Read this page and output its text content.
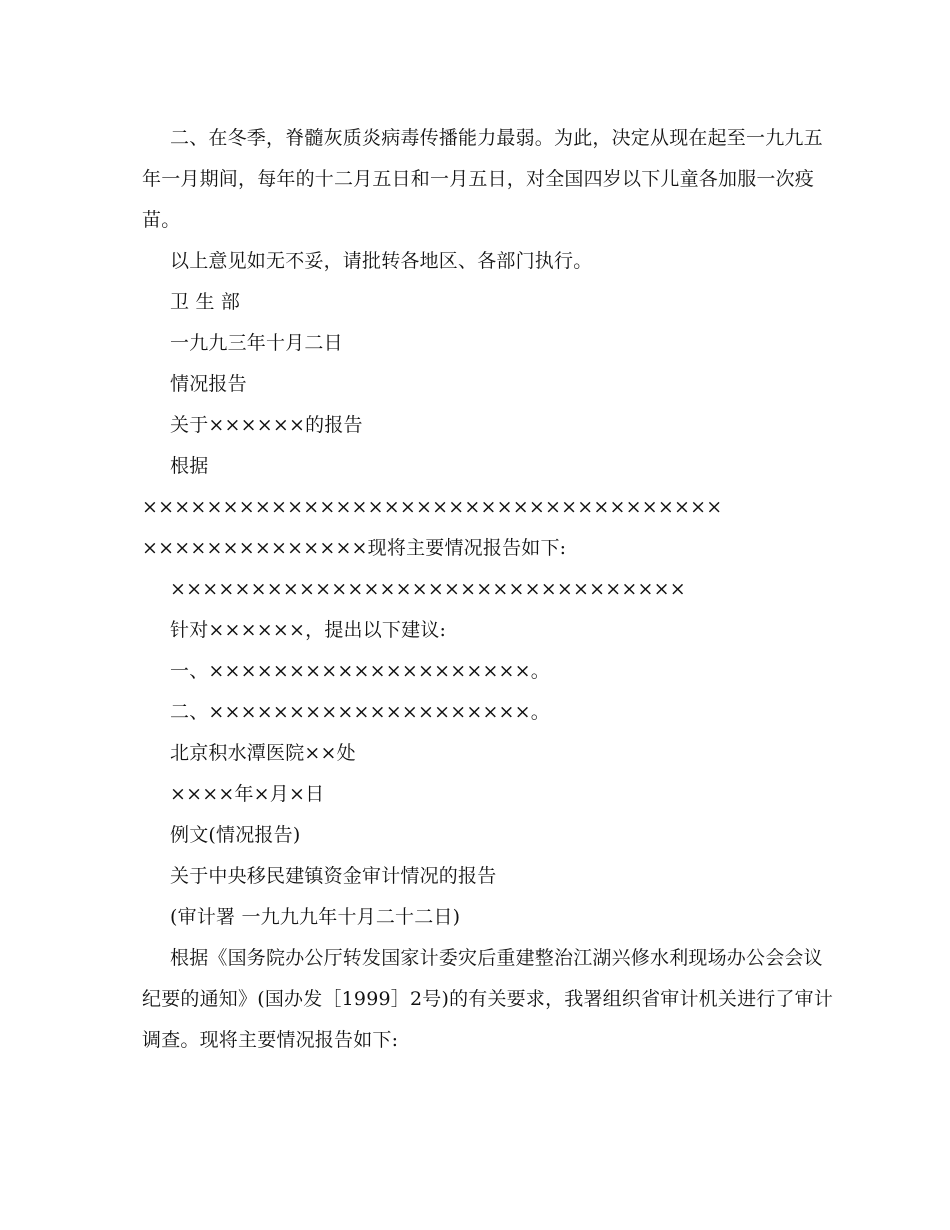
二、在冬季，脊髓灰质炎病毒传播能力最弱。为此，决定从现在起至一九九五
年一月期间，每年的十二月五日和一月五日，对全国四岁以下儿童各加服一次疫
苗。
以上意见如无不妥，请批转各地区、各部门执行。
卫 生 部
一九九三年十月二日
情况报告
关于××××××的报告
根据
××××××××××××××××××××××××××××××××××××
××××××××××××××现将主要情况报告如下:
××××××××××××××××××××××××××××××××
针对××××××，提出以下建议:
一、××××××××××××××××××××。
二、××××××××××××××××××××。
北京积水潭医院××处
××××年×月×日
例文(情况报告)
关于中央移民建镇资金审计情况的报告
(审计署 一九九九年十月二十二日)
根据《国务院办公厅转发国家计委灾后重建整治江湖兴修水利现场办公会会议
纪要的通知》(国办发［1999］2号)的有关要求，我署组织省审计机关进行了审计
调查。现将主要情况报告如下:
